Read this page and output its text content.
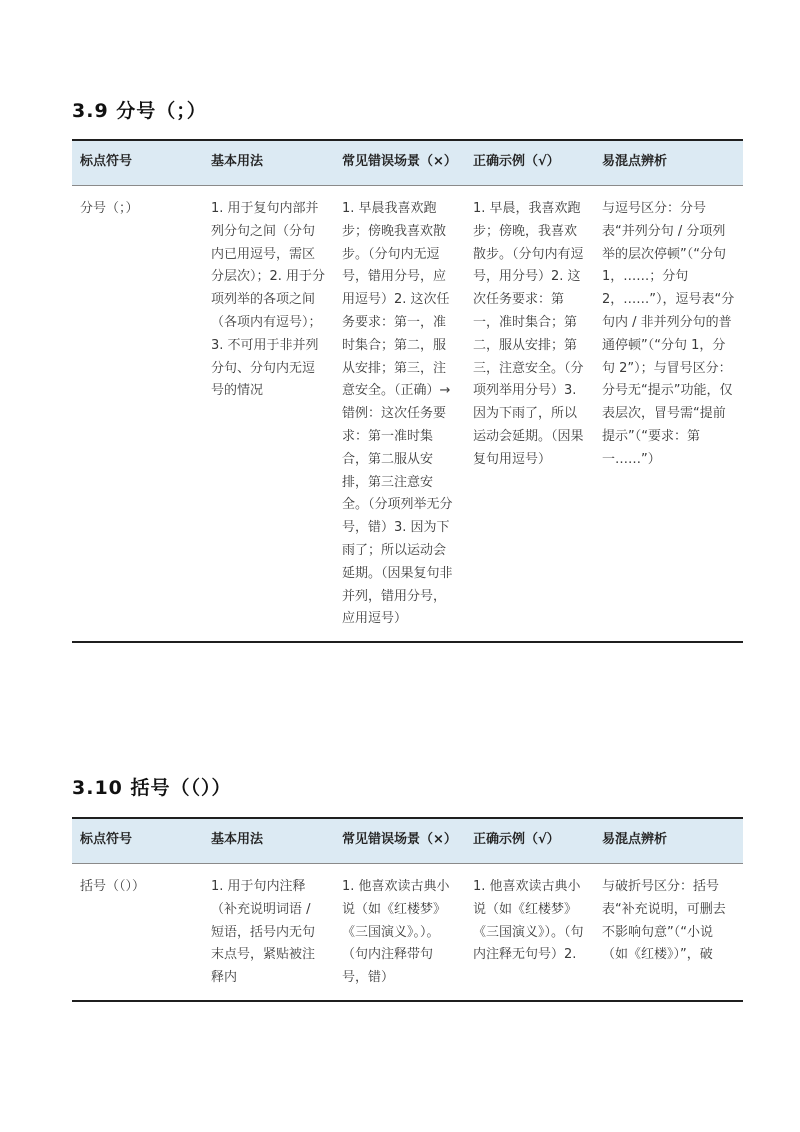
3.9 分号（；）
标点符号	基本用法	常见错误场景（×）	正确示例（√）	易混点辨析
分号（；）	1. 用于复句内部并列分句之间（分句内已用逗号，需区分层次）；2. 用于分项列举的各项之间（各项内有逗号）；3. 不可用于非并列分句、分句内无逗号的情况	1. 早晨我喜欢跑步；傍晚我喜欢散步。（分句内无逗号，错用分号，应用逗号）2. 这次任务要求：第一，准时集合；第二，服从安排；第三，注意安全。（正确）→ 错例：这次任务要求：第一准时集合，第二服从安排，第三注意安全。（分项列举无分号，错）3. 因为下雨了；所以运动会延期。（因果复句非并列，错用分号，应用逗号）	1. 早晨，我喜欢跑步；傍晚，我喜欢散步。（分句内有逗号，用分号）2. 这次任务要求：第一，准时集合；第二，服从安排；第三，注意安全。（分项列举用分号）3. 因为下雨了，所以运动会延期。（因果复句用逗号）	与逗号区分：分号表“并列分句 / 分项列举的层次停顿”（“分句 1，……；分句 2，……”），逗号表“分句内 / 非并列分句的普通停顿”（“分句 1，分句 2”）；与冒号区分：分号无“提示”功能，仅表层次，冒号需“提前提示”（“要求：第一……”）
3.10 括号（（））
标点符号	基本用法	常见错误场景（×）	正确示例（√）	易混点辨析
括号（（））	1. 用于句内注释（补充说明词语 / 短语，括号内无句末点号，紧贴被注释内	1. 他喜欢读古典小说（如《红楼梦》《三国演义》。）。（句内注释带句号，错）	1. 他喜欢读古典小说（如《红楼梦》《三国演义》）。（句内注释无句号）2.	与破折号区分：括号表“补充说明，可删去不影响句意”（“小说（如《红楼》）”，破
